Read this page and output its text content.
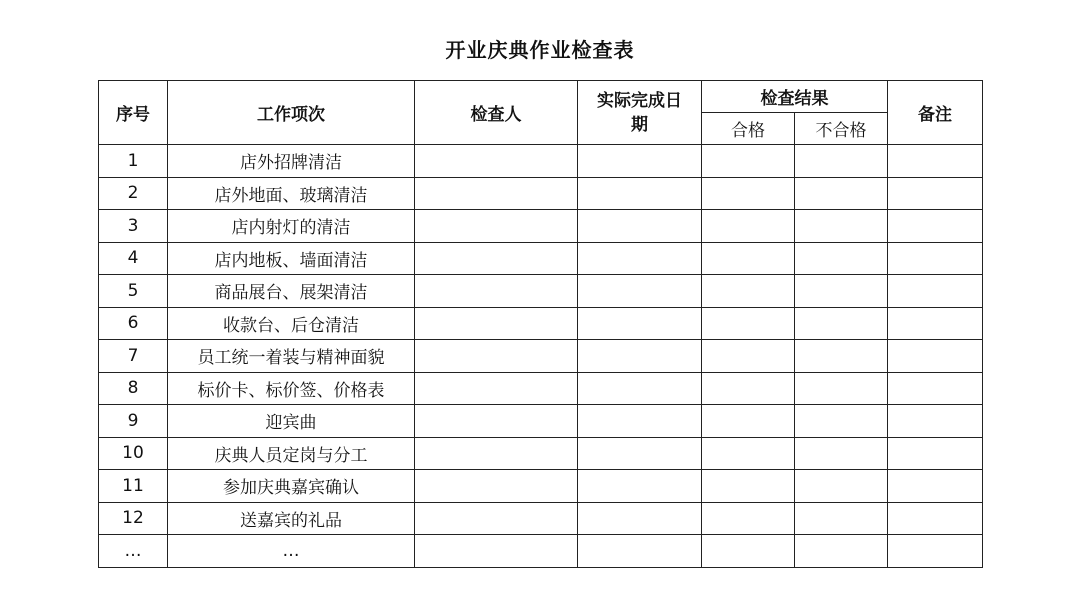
开业庆典作业检查表
序号	工作项次	检查人	实际完成日期	检查结果		备注
				合格	不合格	
1	店外招牌清洁					
2	店外地面、玻璃清洁					
3	店内射灯的清洁					
4	店内地板、墙面清洁					
5	商品展台、展架清洁					
6	收款台、后仓清洁					
7	员工统一着装与精神面貌					
8	标价卡、标价签、价格表					
9	迎宾曲					
10	庆典人员定岗与分工					
11	参加庆典嘉宾确认					
12	送嘉宾的礼品					
…	…					
